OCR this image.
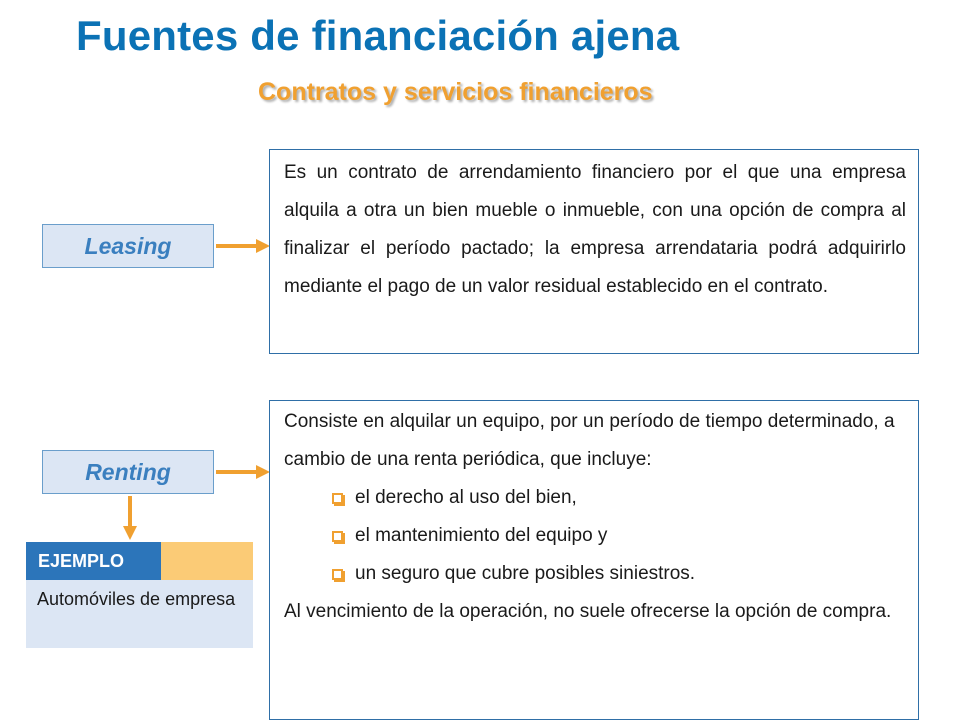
Fuentes de financiación ajena
Contratos y servicios financieros
Leasing

Es un contrato de arrendamiento financiero por el que una empresa alquila a otra un bien mueble o inmueble, con una opción de compra al finalizar el período pactado; la empresa arrendataria podrá adquirirlo mediante el pago de un valor residual establecido en el contrato.

Renting

Consiste en alquilar un equipo, por un período de tiempo determinado, a cambio de una renta periódica, que incluye:

el derecho al uso del bien,
el mantenimiento del equipo y
un seguro que cubre posibles siniestros.

Al vencimiento de la operación, no suele ofrecerse la opción de compra.

EJEMPLO
Automóviles de empresa
